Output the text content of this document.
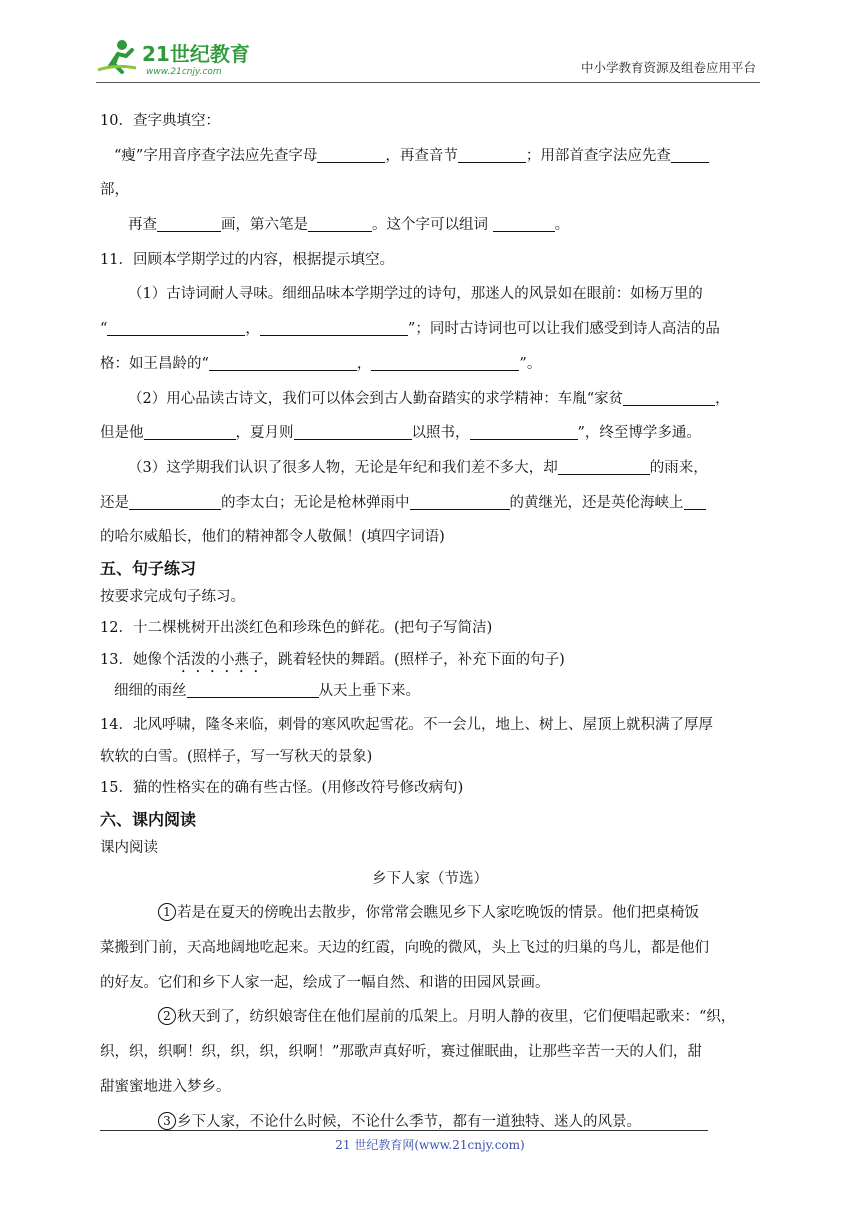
21世纪教育
www.21cnjy.com	中小学教育资源及组卷应用平台
10．查字典填空：
“瘦”字用音序查字法应先查字母	，再查音节	；用部首查字法应先查
部，
再查	画，第六笔是	。这个字可以组词	。
11．回顾本学期学过的内容，根据提示填空。
（1）古诗词耐人寻味。细细品味本学期学过的诗句，那迷人的风景如在眼前：如杨万里的
“	，	”；同时古诗词也可以让我们感受到诗人高洁的品
格：如王昌龄的“	，	”。
（2）用心品读古诗文，我们可以体会到古人勤奋踏实的求学精神：车胤“家贫	，
但是他	，夏月则	以照书，	”，终至博学多通。
（3）这学期我们认识了很多人物，无论是年纪和我们差不多大，却	的雨来，
还是	的李太白；无论是枪林弹雨中	的黄继光，还是英伦海峡上
的哈尔威船长，他们的精神都令人敬佩！(填四字词语)
五、句子练习
按要求完成句子练习。
12．十二棵桃树开出淡红色和珍珠色的鲜花。(把句子写简洁)
13．她像个活泼的小燕子，跳着轻快的舞蹈。(照样子，补充下面的句子)
细细的雨丝	从天上垂下来。
14．北风呼啸，隆冬来临，刺骨的寒风吹起雪花。不一会儿，地上、树上、屋顶上就积满了厚厚
软软的白雪。(照样子，写一写秋天的景象)
15．猫的性格实在的确有些古怪。(用修改符号修改病句)
六、课内阅读
课内阅读
乡下人家（节选）
1 若是在夏天的傍晚出去散步，你常常会瞧见乡下人家吃晚饭的情景。他们把桌椅饭
菜搬到门前，天高地阔地吃起来。天边的红霞，向晚的微风，头上飞过的归巢的鸟儿，都是他们
的好友。它们和乡下人家一起，绘成了一幅自然、和谐的田园风景画。
2 秋天到了，纺织娘寄住在他们屋前的瓜架上。月明人静的夜里，它们便唱起歌来：“织，
织，织，织啊！织，织，织，织啊！”那歌声真好听，赛过催眠曲，让那些辛苦一天的人们，甜
甜蜜蜜地进入梦乡。
3 乡下人家，不论什么时候，不论什么季节，都有一道独特、迷人的风景。
21 世纪教育网(www.21cnjy.com)
